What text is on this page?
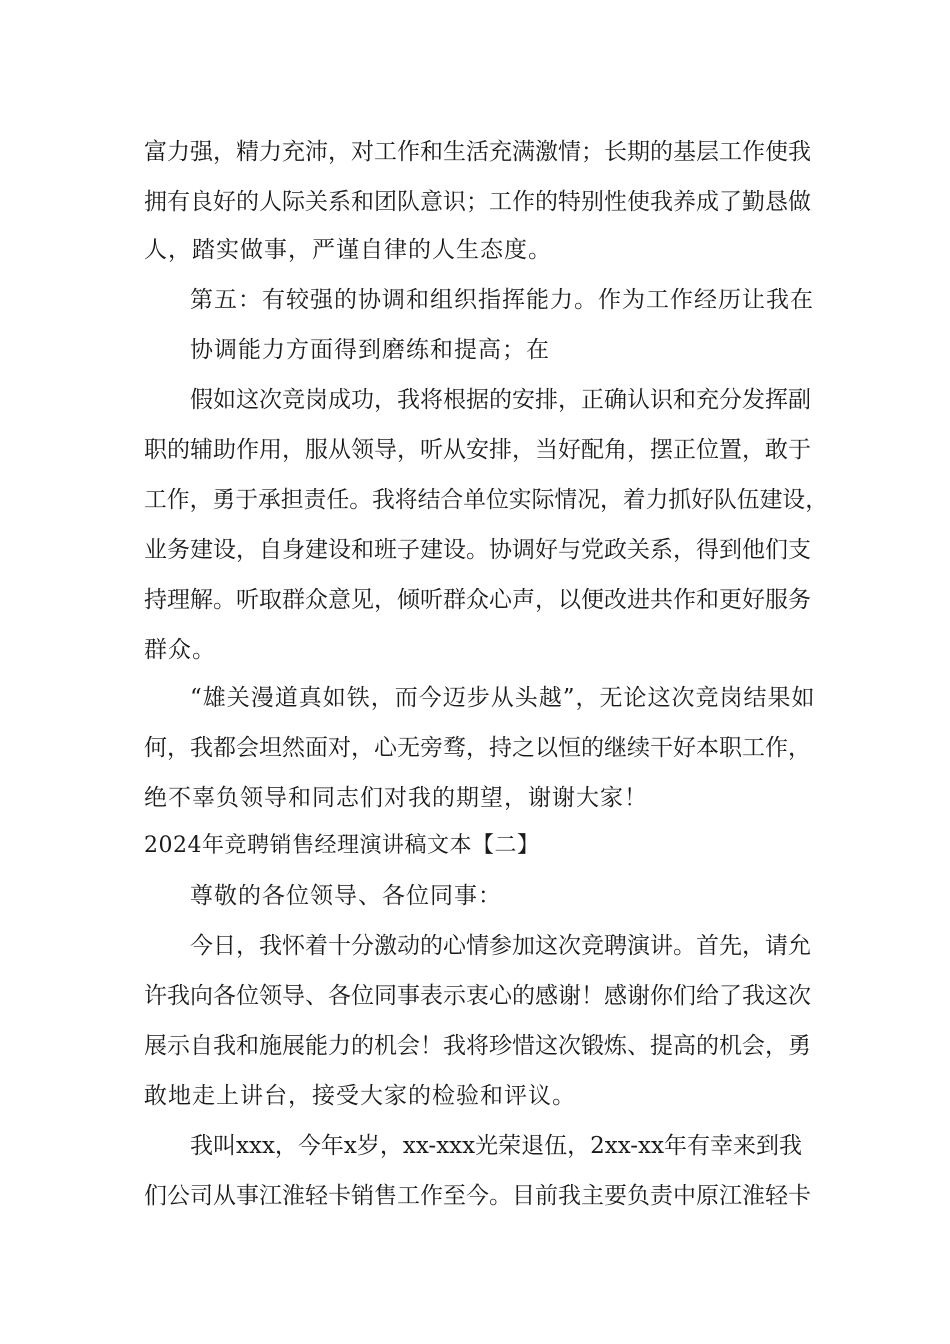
富力强，精力充沛，对工作和生活充满激情；长期的基层工作使我
拥有良好的人际关系和团队意识；工作的特别性使我养成了勤恳做
人，踏实做事，严谨自律的人生态度。
第五：有较强的协调和组织指挥能力。作为工作经历让我在
协调能力方面得到磨练和提高；在
假如这次竞岗成功，我将根据的安排，正确认识和充分发挥副
职的辅助作用，服从领导，听从安排，当好配角，摆正位置，敢于
工作，勇于承担责任。我将结合单位实际情况，着力抓好队伍建设，
业务建设，自身建设和班子建设。协调好与党政关系，得到他们支
持理解。听取群众意见，倾听群众心声，以便改进共作和更好服务
群众。
“雄关漫道真如铁，而今迈步从头越”，无论这次竞岗结果如
何，我都会坦然面对，心无旁骛，持之以恒的继续干好本职工作，
绝不辜负领导和同志们对我的期望，谢谢大家！
2024年竞聘销售经理演讲稿文本【二】
尊敬的各位领导、各位同事：
今日，我怀着十分激动的心情参加这次竞聘演讲。首先，请允
许我向各位领导、各位同事表示衷心的感谢！感谢你们给了我这次
展示自我和施展能力的机会！我将珍惜这次锻炼、提高的机会，勇
敢地走上讲台，接受大家的检验和评议。
我叫xxx，今年x岁，xx-xxx光荣退伍，2xx-xx年有幸来到我
们公司从事江淮轻卡销售工作至今。目前我主要负责中原江淮轻卡
